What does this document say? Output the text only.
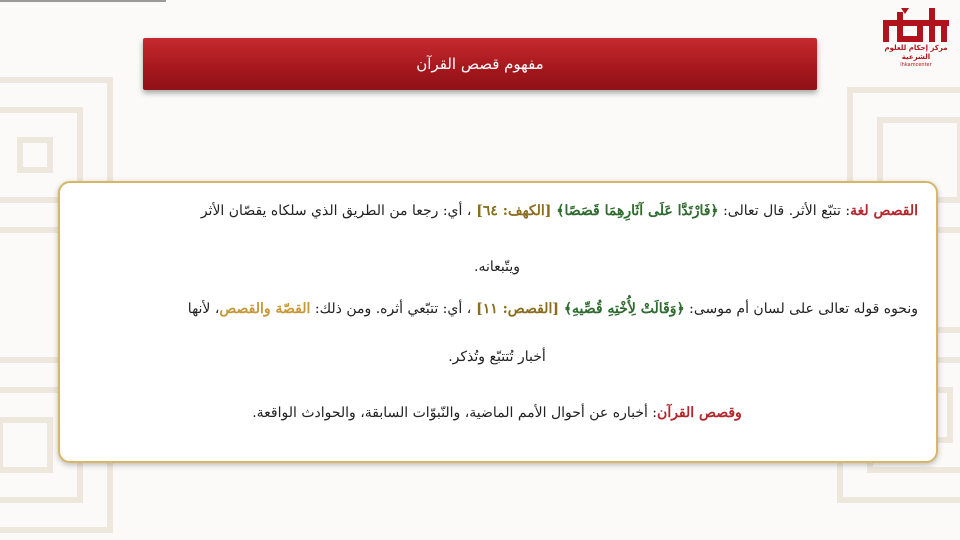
مركز إحكام للعلوم الشرعية
ihkamcenter
مفهوم قصص القرآن
القصص لغة: تتبّع الأثر. قال تعالى: ﴿فَارْتَدَّا عَلَى آثَارِهِمَا قَصَصًا﴾ [الكهف: ٦٤] ، أي: رجعا من الطريق الذي سلكاه يقصّان الأثر
ويتّبعانه.
ونحوه قوله تعالى على لسان أم موسى: ﴿وَقَالَتْ لِأُخْتِهِ قُصِّيهِ﴾ [القصص: ١١] ، أي: تتبّعي أثره. ومن ذلك: القصّة والقصص، لأنها
أخبار تُتتبّع وتُذكر.
وقصص القرآن: أخباره عن أحوال الأمم الماضية، والنّبوّات السابقة، والحوادث الواقعة.
